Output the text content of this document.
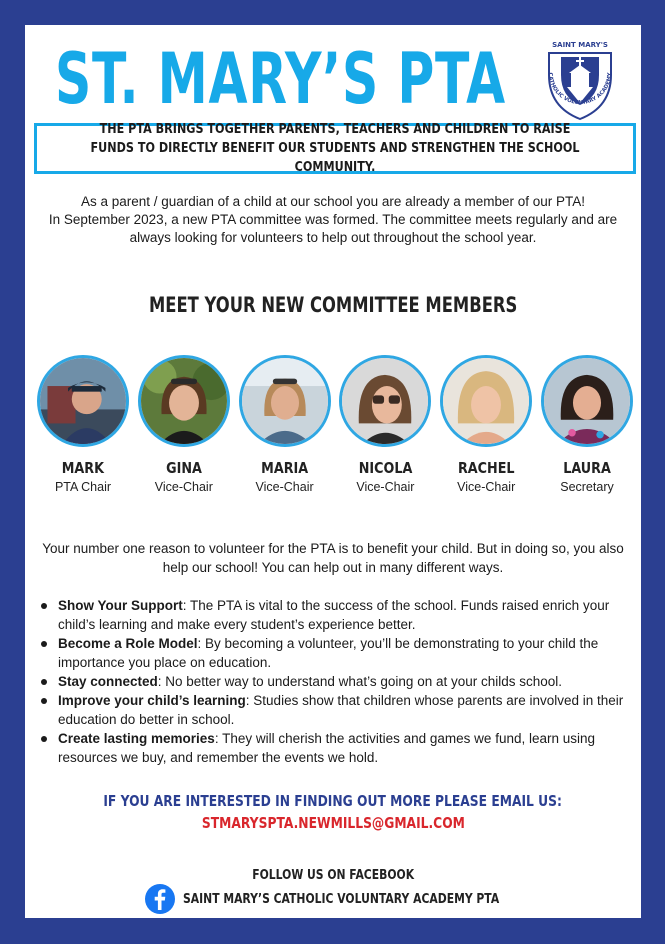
ST. MARY’S PTA	SAINT MARY'S
CATHOLIC VOLUNTARY ACADEMY
THE PTA BRINGS TOGETHER PARENTS, TEACHERS AND CHILDREN TO RAISE FUNDS TO DIRECTLY BENEFIT OUR STUDENTS AND STRENGTHEN THE SCHOOL COMMUNITY.

As a parent / guardian of a child at our school you are already a member of our PTA!

In September 2023, a new PTA committee was formed. The committee meets regularly and are always looking for volunteers to help out throughout the school year.

MEET YOUR NEW COMMITTEE MEMBERS
MARK
PTA Chair
GINA
Vice-Chair
MARIA
Vice-Chair
NICOLA
Vice-Chair
RACHEL
Vice-Chair
LAURA
Secretary
Your number one reason to volunteer for the PTA is to benefit your child. But in doing so, you also help our school! You can help out in many different ways.
Show Your Support: The PTA is vital to the success of the school. Funds raised enrich your child’s learning and make every student’s experience better.
Become a Role Model: By becoming a volunteer, you’ll be demonstrating to your child the importance you place on education.
Stay connected: No better way to understand what’s going on at your childs school.
Improve your child’s learning: Studies show that children whose parents are involved in their education do better in school.
Create lasting memories: They will cherish the activities and games we fund, learn using resources we buy, and remember the events we hold.
IF YOU ARE INTERESTED IN FINDING OUT MORE PLEASE EMAIL US:
STMARYSPTA.NEWMILLS@GMAIL.COM
FOLLOW US ON FACEBOOK
SAINT MARY’S CATHOLIC VOLUNTARY ACADEMY PTA
